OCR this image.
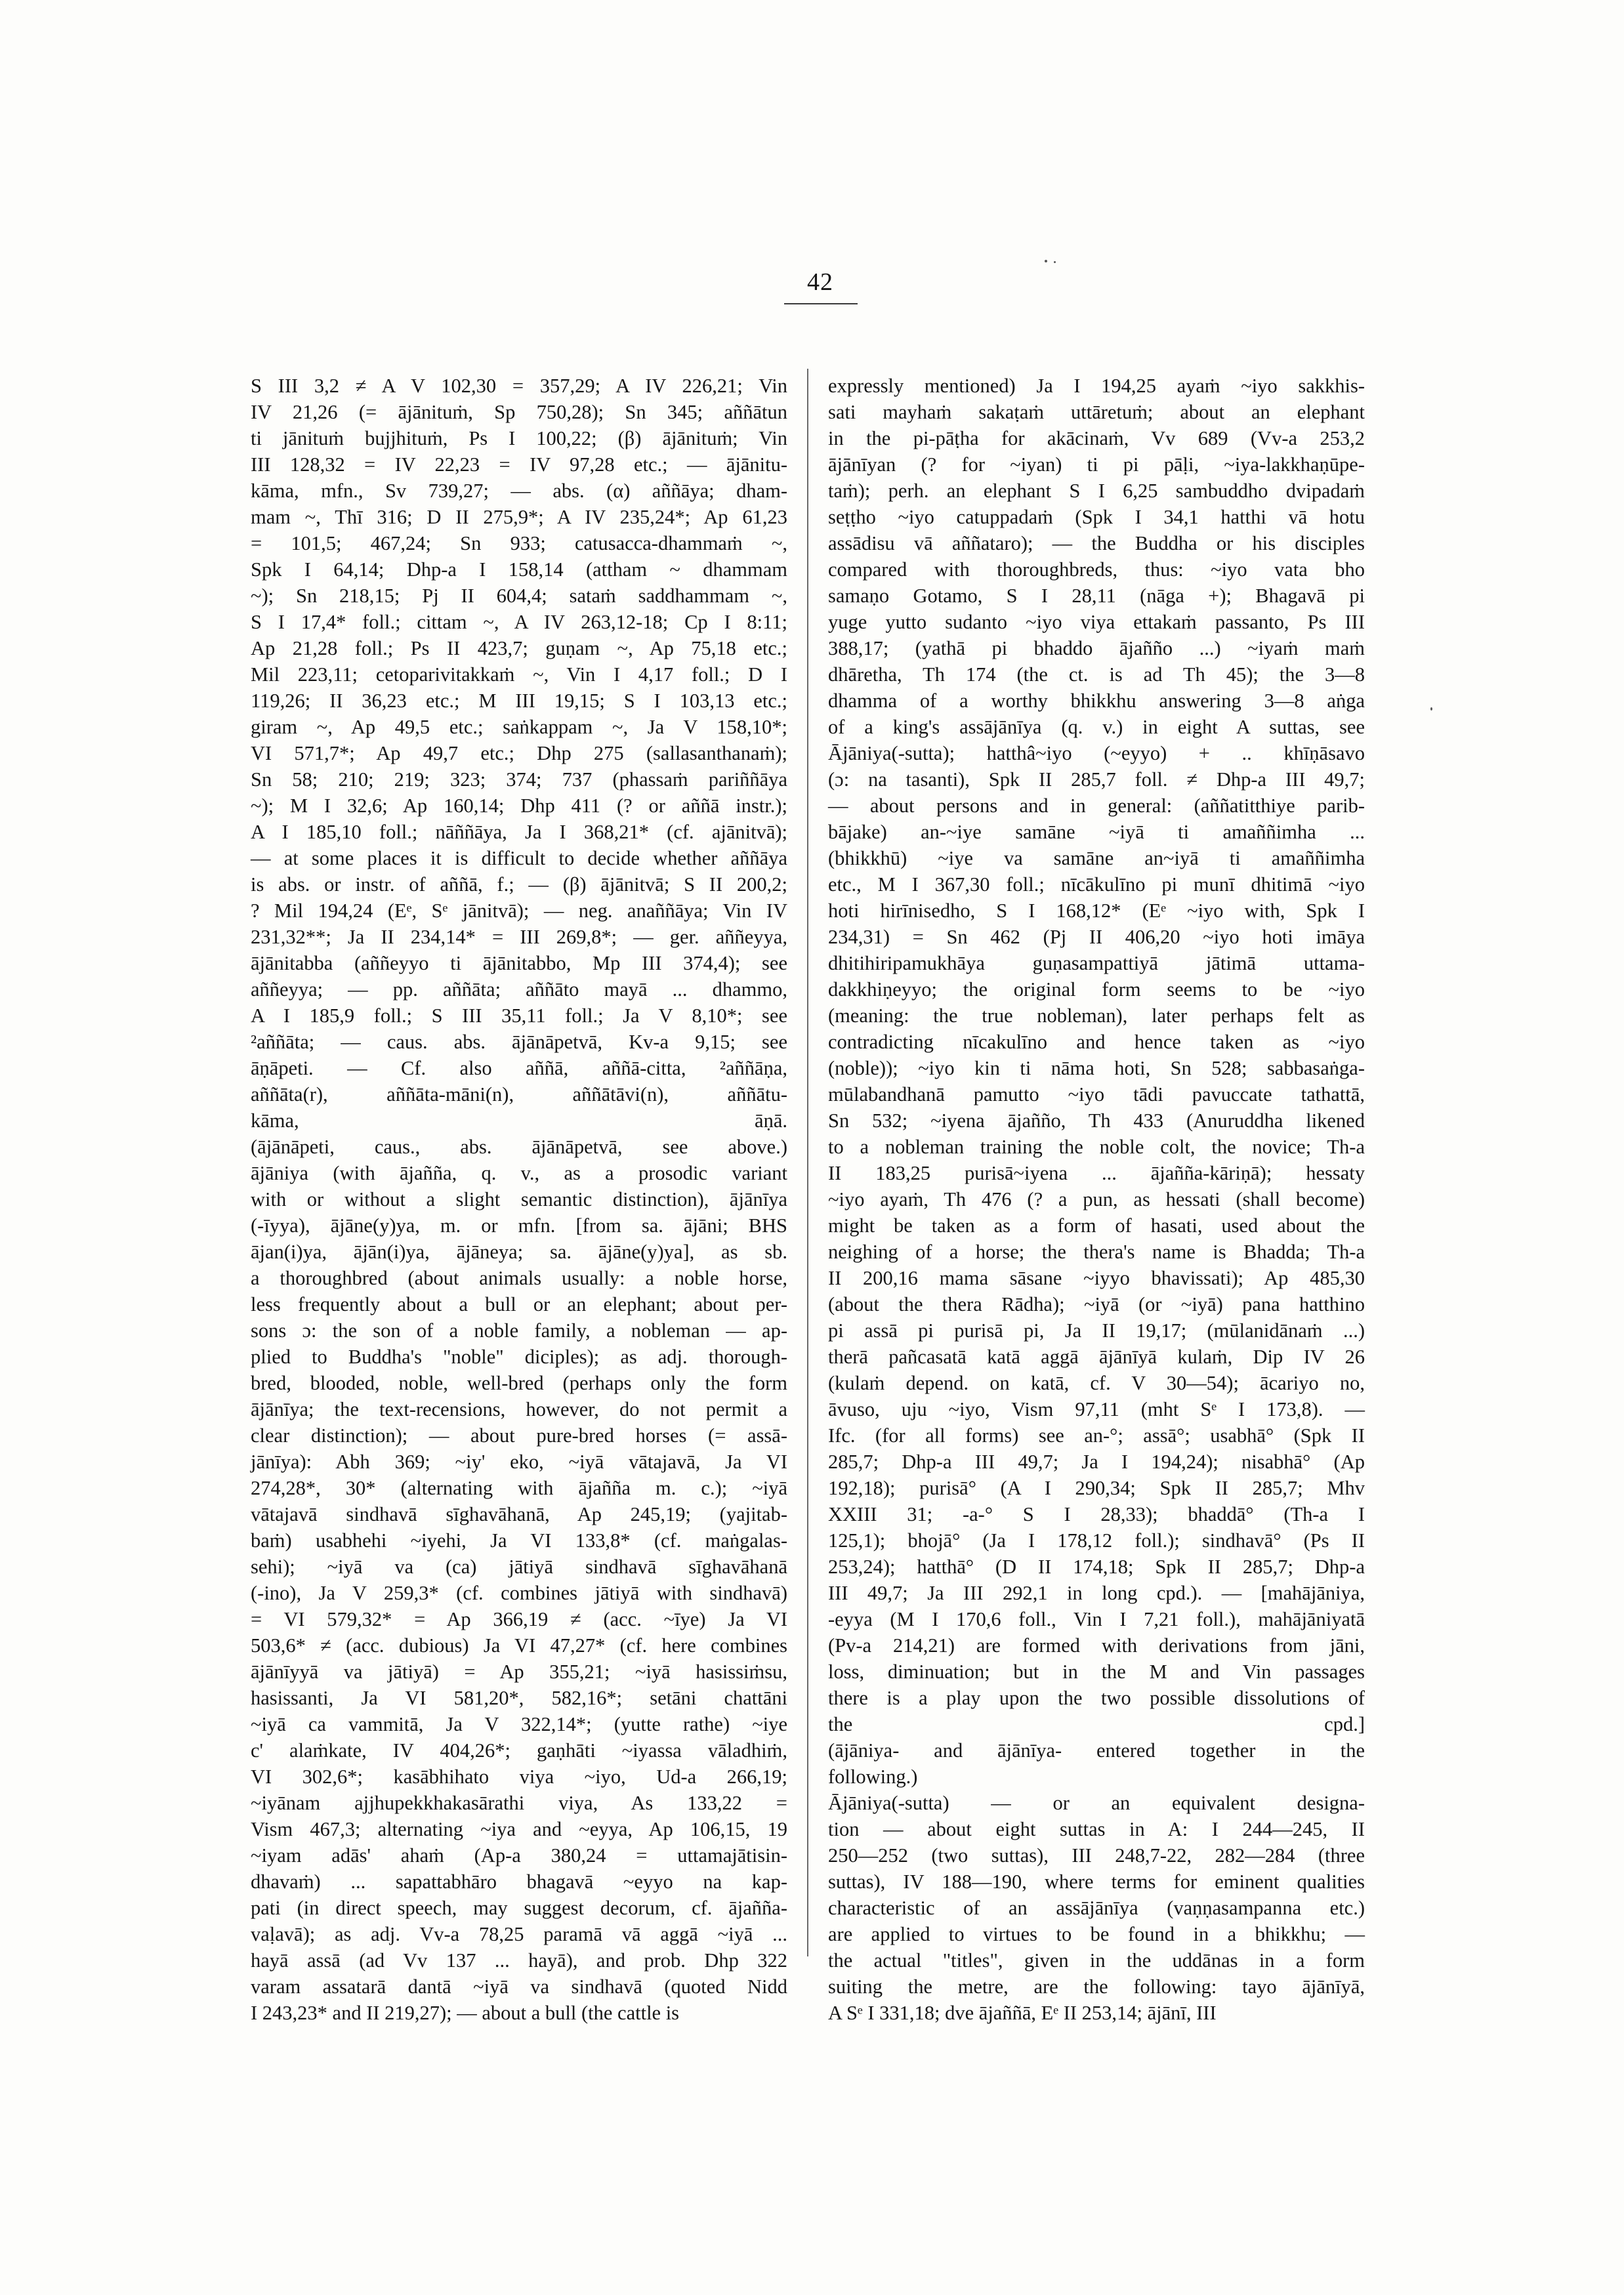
42
S III 3,2 ≠ A V 102,30 = 357,29; A IV 226,21; Vin
IV 21,26 (= ājānituṁ, Sp 750,28); Sn 345; aññātun
ti jānituṁ bujjhituṁ, Ps I 100,22; (β) ājānituṁ; Vin
III 128,32 = IV 22,23 = IV 97,28 etc.; — ājānitu-
kāma, mfn., Sv 739,27; — abs. (α) aññāya; dham-
mam ~, Thī 316; D II 275,9*; A IV 235,24*; Ap 61,23
= 101,5; 467,24; Sn 933; catusacca-dhammaṁ ~,
Spk I 64,14; Dhp-a I 158,14 (attham ~ dhammam
~); Sn 218,15; Pj II 604,4; sataṁ saddhammam ~,
S I 17,4* foll.; cittam ~, A IV 263,12-18; Cp I 8:11;
Ap 21,28 foll.; Ps II 423,7; guṇam ~, Ap 75,18 etc.;
Mil 223,11; cetoparivitakkaṁ ~, Vin I 4,17 foll.; D I
119,26; II 36,23 etc.; M III 19,15; S I 103,13 etc.;
giram ~, Ap 49,5 etc.; saṅkappam ~, Ja V 158,10*;
VI 571,7*; Ap 49,7 etc.; Dhp 275 (sallasanthanaṁ);
Sn 58; 210; 219; 323; 374; 737 (phassaṁ pariññāya
~); M I 32,6; Ap 160,14; Dhp 411 (? or aññā instr.);
A I 185,10 foll.; nāññāya, Ja I 368,21* (cf. ajānitvā);
— at some places it is difficult to decide whether aññāya
is abs. or instr. of aññā, f.; — (β) ājānitvā; S II 200,2;
? Mil 194,24 (Eᵉ, Sᵉ jānitvā); — neg. anaññāya; Vin IV
231,32**; Ja II 234,14* = III 269,8*; — ger. aññeyya,
ājānitabba (aññeyyo ti ājānitabbo, Mp III 374,4); see
aññeyya; — pp. aññāta; aññāto mayā ... dhammo,
A I 185,9 foll.; S III 35,11 foll.; Ja V 8,10*; see
²aññāta; — caus. abs. ājānāpetvā, Kv-a 9,15; see
āṇāpeti. — Cf. also aññā, aññā-citta, ²aññāṇa,
aññāta(r), aññāta-māni(n), aññātāvi(n), aññātu-
kāma, āṇā.
(ājānāpeti, caus., abs. ājānāpetvā, see above.)
ājāniya (with ājañña, q. v., as a prosodic variant
with or without a slight semantic distinction), ājānīya
(-īyya), ājāne(y)ya, m. or mfn. [from sa. ājāni; BHS
ājan(i)ya, ājān(i)ya, ājāneya; sa. ājāne(y)ya], as sb.
a thoroughbred (about animals usually: a noble horse,
less frequently about a bull or an elephant; about per-
sons ɔ: the son of a noble family, a nobleman — ap-
plied to Buddha's "noble" diciples); as adj. thorough-
bred, blooded, noble, well-bred (perhaps only the form
ājānīya; the text-recensions, however, do not permit a
clear distinction); — about pure-bred horses (= assā-
jānīya): Abh 369; ~iy' eko, ~iyā vātajavā, Ja VI
274,28*, 30* (alternating with ājañña m. c.); ~iyā
vātajavā sindhavā sīghavāhanā, Ap 245,19; (yajitab-
baṁ) usabhehi ~iyehi, Ja VI 133,8* (cf. maṅgalas-
sehi); ~iyā va (ca) jātiyā sindhavā sīghavāhanā
(-ino), Ja V 259,3* (cf. combines jātiyā with sindhavā)
= VI 579,32* = Ap 366,19 ≠ (acc. ~īye) Ja VI
503,6* ≠ (acc. dubious) Ja VI 47,27* (cf. here combines
ājānīyyā va jātiyā) = Ap 355,21; ~iyā hasissiṁsu,
hasissanti, Ja VI 581,20*, 582,16*; setāni chattāni
~iyā ca vammitā, Ja V 322,14*; (yutte rathe) ~iye
c' alaṁkate, IV 404,26*; gaṇhāti ~iyassa vāladhiṁ,
VI 302,6*; kasābhihato viya ~iyo, Ud-a 266,19;
~iyānam ajjhupekkhakasārathi viya, As 133,22 =
Vism 467,3; alternating ~iya and ~eyya, Ap 106,15, 19
~iyam adās' ahaṁ (Ap-a 380,24 = uttamajātisin-
dhavaṁ) ... sapattabhāro bhagavā ~eyyo na kap-
pati (in direct speech, may suggest decorum, cf. ājañña-
vaḷavā); as adj. Vv-a 78,25 paramā vā aggā ~iyā ...
hayā assā (ad Vv 137 ... hayā), and prob. Dhp 322
varam assatarā dantā ~iyā va sindhavā (quoted Nidd
I 243,23* and II 219,27); — about a bull (the cattle is
expressly mentioned) Ja I 194,25 ayaṁ ~iyo sakkhis-
sati mayhaṁ sakaṭaṁ uttāretuṁ; about an elephant
in the pi-pāṭha for akācinaṁ, Vv 689 (Vv-a 253,2
ājānīyan (? for ~iyan) ti pi pāḷi, ~iya-lakkhaṇūpe-
taṁ); perh. an elephant S I 6,25 sambuddho dvipadaṁ
seṭṭho ~iyo catuppadaṁ (Spk I 34,1 hatthi vā hotu
assādisu vā aññataro); — the Buddha or his disciples
compared with thoroughbreds, thus: ~iyo vata bho
samaṇo Gotamo, S I 28,11 (nāga +); Bhagavā pi
yuge yutto sudanto ~iyo viya ettakaṁ passanto, Ps III
388,17; (yathā pi bhaddo ājañño ...) ~iyaṁ maṁ
dhāretha, Th 174 (the ct. is ad Th 45); the 3—8
dhamma of a worthy bhikkhu answering 3—8 aṅga
of a king's assājānīya (q. v.) in eight A suttas, see
Ājāniya(-sutta); hatthâ~iyo (~eyyo) + .. khīṇāsavo
(ɔ: na tasanti), Spk II 285,7 foll. ≠ Dhp-a III 49,7;
— about persons and in general: (aññatitthiye parib-
bājake) an-~iye samāne ~iyā ti amaññimha ...
(bhikkhū) ~iye va samāne an~iyā ti amaññimha
etc., M I 367,30 foll.; nīcākulīno pi munī dhitimā ~iyo
hoti hirīnisedho, S I 168,12* (Eᵉ ~iyo with, Spk I
234,31) = Sn 462 (Pj II 406,20 ~iyo hoti imāya
dhitihiripamukhāya guṇasampattiyā jātimā uttama-
dakkhiṇeyyo; the original form seems to be ~iyo
(meaning: the true nobleman), later perhaps felt as
contradicting nīcakulīno and hence taken as ~iyo
(noble)); ~iyo kin ti nāma hoti, Sn 528; sabbasaṅga-
mūlabandhanā pamutto ~iyo tādi pavuccate tathattā,
Sn 532; ~iyena ājañño, Th 433 (Anuruddha likened
to a nobleman training the noble colt, the novice; Th-a
II 183,25 purisā~iyena ... ājañña-kāriṇā); hessaty
~iyo ayaṁ, Th 476 (? a pun, as hessati (shall become)
might be taken as a form of hasati, used about the
neighing of a horse; the thera's name is Bhadda; Th-a
II 200,16 mama sāsane ~iyyo bhavissati); Ap 485,30
(about the thera Rādha); ~iyā (or ~iyā) pana hatthino
pi assā pi purisā pi, Ja II 19,17; (mūlanidānaṁ ...)
therā pañcasatā katā aggā ājānīyā kulaṁ, Dip IV 26
(kulaṁ depend. on katā, cf. V 30—54); ācariyo no,
āvuso, uju ~iyo, Vism 97,11 (mht Sᵉ I 173,8). —
Ifc. (for all forms) see an-°; assā°; usabhā° (Spk II
285,7; Dhp-a III 49,7; Ja I 194,24); nisabhā° (Ap
192,18); purisā° (A I 290,34; Spk II 285,7; Mhv
XXIII 31; -a-° S I 28,33); bhaddā° (Th-a I
125,1); bhojā° (Ja I 178,12 foll.); sindhavā° (Ps II
253,24); hatthā° (D II 174,18; Spk II 285,7; Dhp-a
III 49,7; Ja III 292,1 in long cpd.). — [mahājāniya,
-eyya (M I 170,6 foll., Vin I 7,21 foll.), mahājāniyatā
(Pv-a 214,21) are formed with derivations from jāni,
loss, diminuation; but in the M and Vin passages
there is a play upon the two possible dissolutions of
the cpd.]
(ājāniya- and ājānīya- entered together in the
following.)
Ājāniya(-sutta) — or an equivalent designa-
tion — about eight suttas in A: I 244—245, II
250—252 (two suttas), III 248,7-22, 282—284 (three
suttas), IV 188—190, where terms for eminent qualities
characteristic of an assājānīya (vaṇṇasampanna etc.)
are applied to virtues to be found in a bhikkhu; —
the actual "titles", given in the uddānas in a form
suiting the metre, are the following: tayo ājānīyā,
A Sᵉ I 331,18; dve ājaññā, Eᵉ II 253,14; ājānī, III
